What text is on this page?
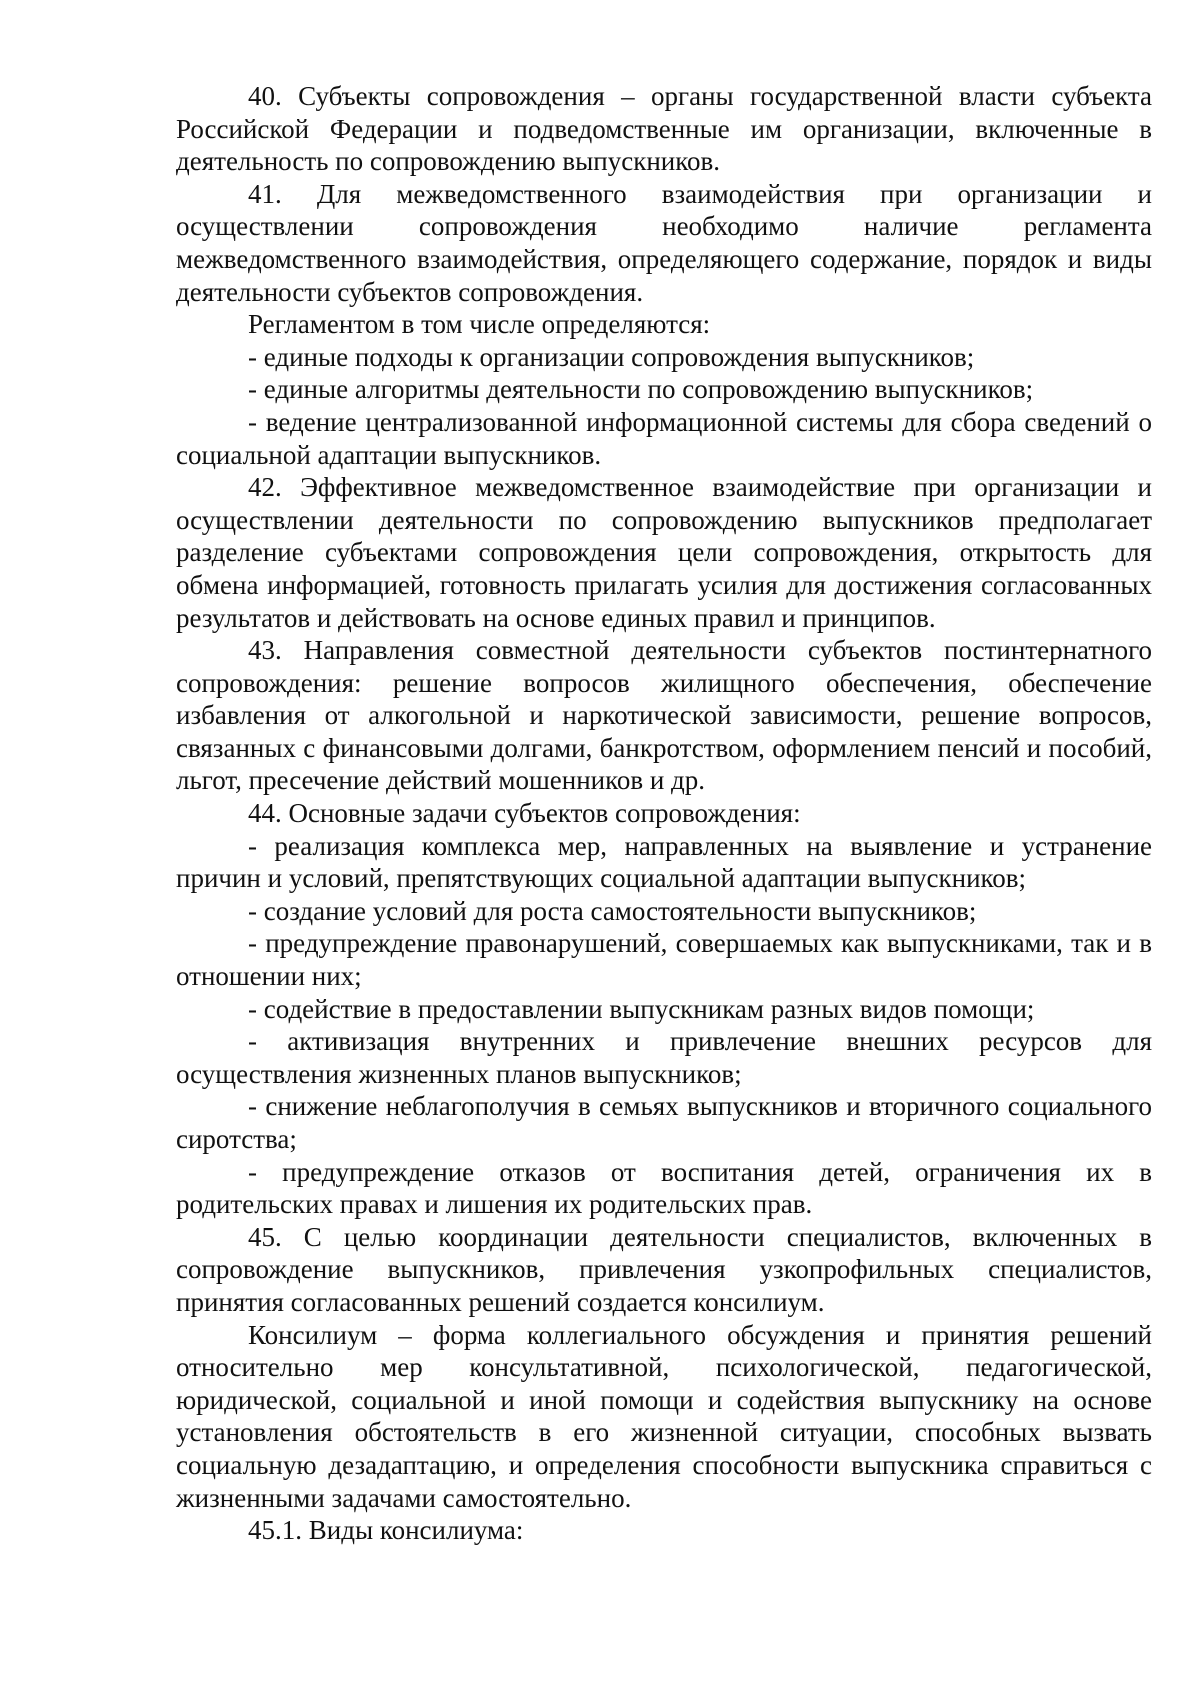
40. Субъекты сопровождения – органы государственной власти субъекта Российской Федерации и подведомственные им организации, включенные в деятельность по сопровождению выпускников.

41. Для межведомственного взаимодействия при организации и осуществлении сопровождения необходимо наличие регламента межведомственного взаимодействия, определяющего содержание, порядок и виды деятельности субъектов сопровождения.

Регламентом в том числе определяются:

- единые подходы к организации сопровождения выпускников;

- единые алгоритмы деятельности по сопровождению выпускников;

- ведение централизованной информационной системы для сбора сведений о социальной адаптации выпускников.

42. Эффективное межведомственное взаимодействие при организации и осуществлении деятельности по сопровождению выпускников предполагает разделение субъектами сопровождения цели сопровождения, открытость для обмена информацией, готовность прилагать усилия для достижения согласованных результатов и действовать на основе единых правил и принципов.

43. Направления совместной деятельности субъектов постинтернатного сопровождения: решение вопросов жилищного обеспечения, обеспечение избавления от алкогольной и наркотической зависимости, решение вопросов, связанных с финансовыми долгами, банкротством, оформлением пенсий и пособий, льгот, пресечение действий мошенников и др.

44. Основные задачи субъектов сопровождения:

- реализация комплекса мер, направленных на выявление и устранение причин и условий, препятствующих социальной адаптации выпускников;

- создание условий для роста самостоятельности выпускников;

- предупреждение правонарушений, совершаемых как выпускниками, так и в отношении них;

- содействие в предоставлении выпускникам разных видов помощи;

- активизация внутренних и привлечение внешних ресурсов для осуществления жизненных планов выпускников;

- снижение неблагополучия в семьях выпускников и вторичного социального сиротства;

- предупреждение отказов от воспитания детей, ограничения их в родительских правах и лишения их родительских прав.

45. С целью координации деятельности специалистов, включенных в сопровождение выпускников, привлечения узкопрофильных специалистов, принятия согласованных решений создается консилиум.

Консилиум – форма коллегиального обсуждения и принятия решений относительно мер консультативной, психологической, педагогической, юридической, социальной и иной помощи и содействия выпускнику на основе установления обстоятельств в его жизненной ситуации, способных вызвать социальную дезадаптацию, и определения способности выпускника справиться с жизненными задачами самостоятельно.

45.1. Виды консилиума:
